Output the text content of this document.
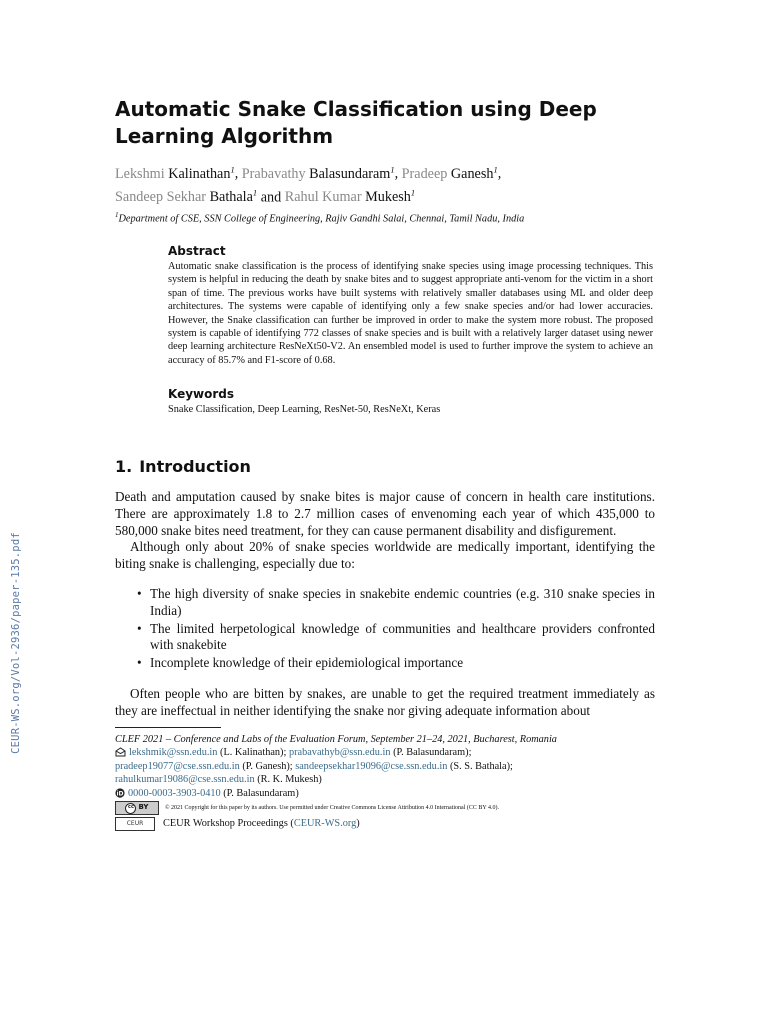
CEUR-WS.org/Vol-2936/paper-135.pdf
Automatic Snake Classification using Deep Learning Algorithm
Lekshmi Kalinathan$^1$, Prabavathy Balasundaram$^1$, Pradeep Ganesh$^1$,
Sandeep Sekhar Bathala$^1$ and Rahul Kumar Mukesh$^1$
$^1$Department of CSE, SSN College of Engineering, Rajiv Gandhi Salai, Chennai, Tamil Nadu, India
Abstract

Automatic snake classification is the process of identifying snake species using image processing techniques. This system is helpful in reducing the death by snake bites and to suggest appropriate anti-venom for the victim in a short span of time. The previous works have built systems with relatively smaller databases using ML and older deep architectures. The systems were capable of identifying only a few snake species and/or had lower accuracies. However, the Snake classification can further be improved in order to make the system more robust. The proposed system is capable of identifying 772 classes of snake species and is built with a relatively larger dataset using newer deep learning architecture ResNeXt50-V2. An ensembled model is used to further improve the system to achieve an accuracy of 85.7% and F1-score of 0.68.

Keywords
Snake Classification, Deep Learning, ResNet-50, ResNeXt, Keras
1. Introduction

Death and amputation caused by snake bites is major cause of concern in health care institutions. There are approximately 1.8 to 2.7 million cases of envenoming each year of which 435,000 to 580,000 snake bites need treatment, for they can cause permanent disability and disfigurement.

Although only about 20% of snake species worldwide are medically important, identifying the biting snake is challenging, especially due to:

• The high diversity of snake species in snakebite endemic countries (e.g. 310 snake species in India)
• The limited herpetological knowledge of communities and healthcare providers confronted with snakebite
• Incomplete knowledge of their epidemiological importance

Often people who are bitten by snakes, are unable to get the required treatment immediately as they are ineffectual in neither identifying the snake nor giving adequate information about

CLEF 2021 – Conference and Labs of the Evaluation Forum, September 21–24, 2021, Bucharest, Romania
lekshmik@ssn.edu.in (L. Kalinathan); prabavathyb@ssn.edu.in (P. Balasundaram);
pradeep19077@cse.ssn.edu.in (P. Ganesh); sandeepsekhar19096@cse.ssn.edu.in (S. S. Bathala);
rahulkumar19086@cse.ssn.edu.in (R. K. Mukesh)
iD 0000-0003-3903-0410 (P. Balasundaram)
cc BY	© 2021 Copyright for this paper by its authors. Use permitted under Creative Commons License Attribution 4.0 International (CC BY 4.0).
CEUR	CEUR Workshop Proceedings (CEUR-WS.org)
